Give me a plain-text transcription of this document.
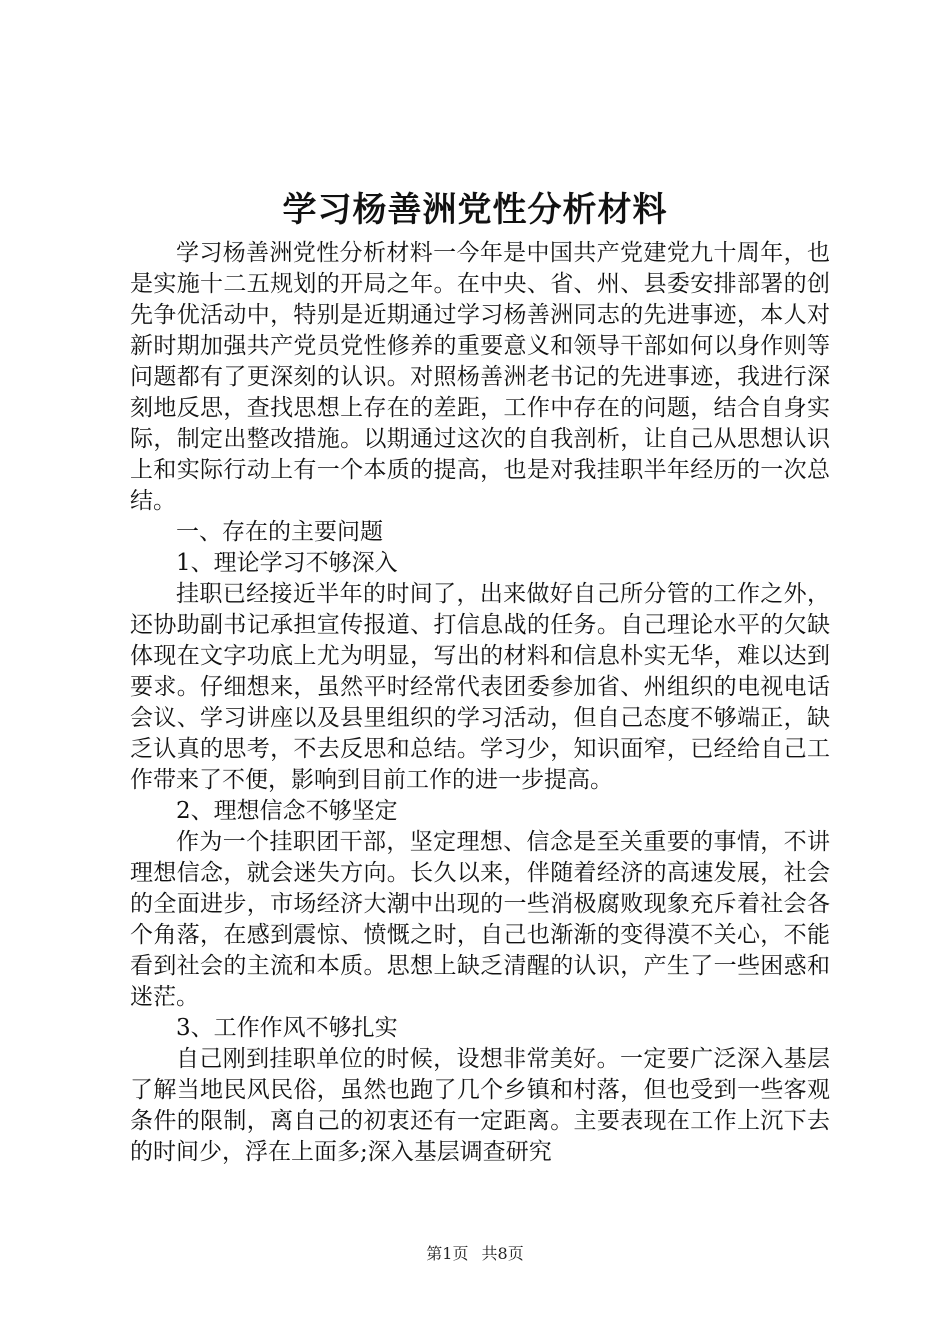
学习杨善洲党性分析材料

学习杨善洲党性分析材料一今年是中国共产党建党九十周年，也是实施十二五规划的开局之年。在中央、省、州、县委安排部署的创先争优活动中，特别是近期通过学习杨善洲同志的先进事迹，本人对新时期加强共产党员党性修养的重要意义和领导干部如何以身作则等问题都有了更深刻的认识。对照杨善洲老书记的先进事迹，我进行深刻地反思，查找思想上存在的差距，工作中存在的问题，结合自身实际，制定出整改措施。以期通过这次的自我剖析，让自己从思想认识上和实际行动上有一个本质的提高，也是对我挂职半年经历的一次总结。

一、存在的主要问题

1、理论学习不够深入

挂职已经接近半年的时间了，出来做好自己所分管的工作之外，还协助副书记承担宣传报道、打信息战的任务。自己理论水平的欠缺体现在文字功底上尤为明显，写出的材料和信息朴实无华，难以达到要求。仔细想来，虽然平时经常代表团委参加省、州组织的电视电话会议、学习讲座以及县里组织的学习活动，但自己态度不够端正，缺乏认真的思考，不去反思和总结。学习少，知识面窄，已经给自己工作带来了不便，影响到目前工作的进一步提高。

2、理想信念不够坚定

作为一个挂职团干部，坚定理想、信念是至关重要的事情，不讲理想信念，就会迷失方向。长久以来，伴随着经济的高速发展，社会的全面进步，市场经济大潮中出现的一些消极腐败现象充斥着社会各个角落，在感到震惊、愤慨之时，自己也渐渐的变得漠不关心，不能看到社会的主流和本质。思想上缺乏清醒的认识，产生了一些困惑和迷茫。

3、工作作风不够扎实

自己刚到挂职单位的时候，设想非常美好。一定要广泛深入基层了解当地民风民俗，虽然也跑了几个乡镇和村落，但也受到一些客观条件的限制，离自己的初衷还有一定距离。主要表现在工作上沉下去的时间少，浮在上面多;深入基层调查研究

第1页 共8页
